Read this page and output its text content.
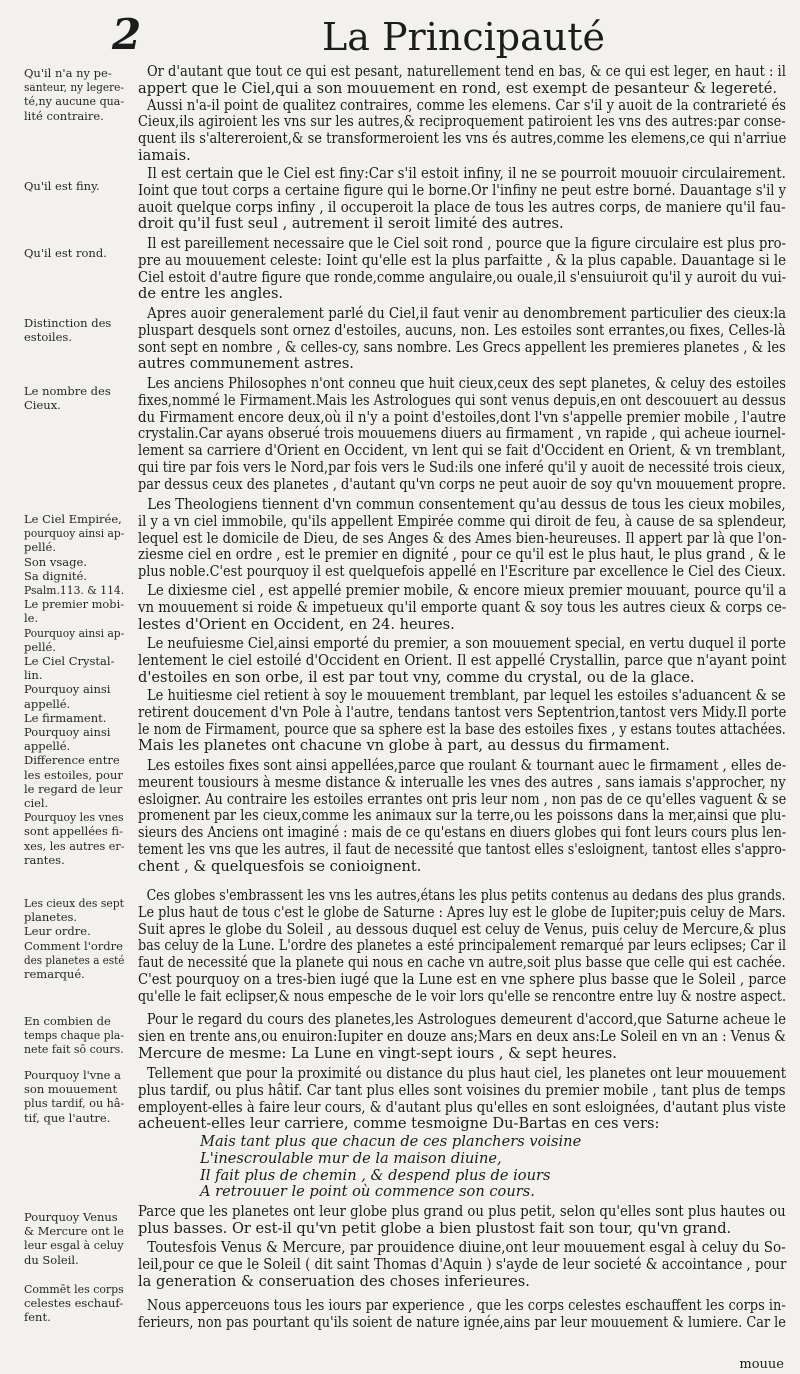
2	La Principauté
Qu'il n'a ny pe-
santeur, ny legere-
té,ny aucune qua-
lité contraire.
Qu'il est finy.
Qu'il est rond.
Distinction des
estoiles.
Le nombre des
Cieux.
Le Ciel Empirée,
pourquoy ainsi ap-
pellé.
Son vsage.
Sa dignité.
Psalm.113. & 114.
Le premier mobi-
le.
Pourquoy ainsi ap-
pellé.
Le Ciel Crystal-
lin.
Pourquoy ainsi
appellé.
Le firmament.
Pourquoy ainsi
appellé.
Difference entre
les estoiles, pour
le regard de leur
ciel.
Pourquoy les vnes
sont appellées fi-
xes, les autres er-
rantes.
Les cieux des sept
planetes.
Leur ordre.
Comment l'ordre
des planetes a esté
remarqué.
En combien de
temps chaque pla-
nete fait sō cours.
Pourquoy l'vne a
son mouuement
plus tardif, ou hâ-
tif, que l'autre.
Pourquoy Venus
& Mercure ont le
leur esgal à celuy
du Soleil.
Commēt les corps
celestes eschauf-
fent.
Or d'autant que tout ce qui est pesant, naturellement tend en bas, & ce qui est leger, en haut : il
appert que le Ciel,qui a son mouuement en rond, est exempt de pesanteur & legereté.
Aussi n'a-il point de qualitez contraires, comme les elemens. Car s'il y auoit de la contrarieté és
Cieux,ils agiroient les vns sur les autres,& reciproquement patiroient les vns des autres:par conse-
quent ils s'altereroient,& se transformeroient les vns és autres,comme les elemens,ce qui n'arriue
iamais.
Il est certain que le Ciel est finy:Car s'il estoit infiny, il ne se pourroit mouuoir circulairement.
Ioint que tout corps a certaine figure qui le borne.Or l'infiny ne peut estre borné. Dauantage s'il y
auoit quelque corps infiny , il occuperoit la place de tous les autres corps, de maniere qu'il fau-
droit qu'il fust seul , autrement il seroit limité des autres.
Il est pareillement necessaire que le Ciel soit rond , pource que la figure circulaire est plus pro-
pre au mouuement celeste: Ioint qu'elle est la plus parfaitte , & la plus capable. Dauantage si le
Ciel estoit d'autre figure que ronde,comme angulaire,ou ouale,il s'ensuiuroit qu'il y auroit du vui-
de entre les angles.
Apres auoir generalement parlé du Ciel,il faut venir au denombrement particulier des cieux:la
pluspart desquels sont ornez d'estoiles, aucuns, non. Les estoiles sont errantes,ou fixes, Celles-là
sont sept en nombre , & celles-cy, sans nombre. Les Grecs appellent les premieres planetes , & les
autres communement astres.
Les anciens Philosophes n'ont conneu que huit cieux,ceux des sept planetes, & celuy des estoiles
fixes,nommé le Firmament.Mais les Astrologues qui sont venus depuis,en ont descouuert au dessus
du Firmament encore deux,où il n'y a point d'estoiles,dont l'vn s'appelle premier mobile , l'autre
crystalin.Car ayans obserué trois mouuemens diuers au firmament , vn rapide , qui acheue iournel-
lement sa carriere d'Orient en Occident, vn lent qui se fait d'Occident en Orient, & vn tremblant,
qui tire par fois vers le Nord,par fois vers le Sud:ils one inferé qu'il y auoit de necessité trois cieux,
par dessus ceux des planetes , d'autant qu'vn corps ne peut auoir de soy qu'vn mouuement propre.
Les Theologiens tiennent d'vn commun consentement qu'au dessus de tous les cieux mobiles,
il y a vn ciel immobile, qu'ils appellent Empirée comme qui diroit de feu, à cause de sa splendeur,
lequel est le domicile de Dieu, de ses Anges & des Ames bien-heureuses. Il appert par là que l'on-
ziesme ciel en ordre , est le premier en dignité , pour ce qu'il est le plus haut, le plus grand , & le
plus noble.C'est pourquoy il est quelquefois appellé en l'Escriture par excellence le Ciel des Cieux.
Le dixiesme ciel , est appellé premier mobile, & encore mieux premier mouuant, pource qu'il a
vn mouuement si roide & impetueux qu'il emporte quant & soy tous les autres cieux & corps ce-
lestes d'Orient en Occident, en 24. heures.
Le neufuiesme Ciel,ainsi emporté du premier, a son mouuement special, en vertu duquel il porte
lentement le ciel estoilé d'Occident en Orient. Il est appellé Crystallin, parce que n'ayant point
d'estoiles en son orbe, il est par tout vny, comme du crystal, ou de la glace.
Le huitiesme ciel retient à soy le mouuement tremblant, par lequel les estoiles s'aduancent & se
retirent doucement d'vn Pole à l'autre, tendans tantost vers Septentrion,tantost vers Midy.Il porte
le nom de Firmament, pource que sa sphere est la base des estoiles fixes , y estans toutes attachées.
Mais les planetes ont chacune vn globe à part, au dessus du firmament.
Les estoiles fixes sont ainsi appellées,parce que roulant & tournant auec le firmament , elles de-
meurent tousiours à mesme distance & interualle les vnes des autres , sans iamais s'approcher, ny
esloigner. Au contraire les estoiles errantes ont pris leur nom , non pas de ce qu'elles vaguent & se
promenent par les cieux,comme les animaux sur la terre,ou les poissons dans la mer,ainsi que plu-
sieurs des Anciens ont imaginé : mais de ce qu'estans en diuers globes qui font leurs cours plus len-
tement les vns que les autres, il faut de necessité que tantost elles s'esloignent, tantost elles s'appro-
chent , & quelquesfois se conioignent.
Ces globes s'embrassent les vns les autres,étans les plus petits contenus au dedans des plus grands.
Le plus haut de tous c'est le globe de Saturne : Apres luy est le globe de Iupiter;puis celuy de Mars.
Suit apres le globe du Soleil , au dessous duquel est celuy de Venus, puis celuy de Mercure,& plus
bas celuy de la Lune. L'ordre des planetes a esté principalement remarqué par leurs eclipses; Car il
faut de necessité que la planete qui nous en cache vn autre,soit plus basse que celle qui est cachée.
C'est pourquoy on a tres-bien iugé que la Lune est en vne sphere plus basse que le Soleil , parce
qu'elle le fait eclipser,& nous empesche de le voir lors qu'elle se rencontre entre luy & nostre aspect.
Pour le regard du cours des planetes,les Astrologues demeurent d'accord,que Saturne acheue le
sien en trente ans,ou enuiron:Iupiter en douze ans;Mars en deux ans:Le Soleil en vn an : Venus &
Mercure de mesme: La Lune en vingt-sept iours , & sept heures.
Tellement que pour la proximité ou distance du plus haut ciel, les planetes ont leur mouuement
plus tardif, ou plus hâtif. Car tant plus elles sont voisines du premier mobile , tant plus de temps
employent-elles à faire leur cours, & d'autant plus qu'elles en sont esloignées, d'autant plus viste
acheuent-elles leur carriere, comme tesmoigne Du-Bartas en ces vers:
Mais tant plus que chacun de ces planchers voisine
L'inescroulable mur de la maison diuine,
Il fait plus de chemin , & despend plus de iours
A retrouuer le point où commence son cours.
Parce que les planetes ont leur globe plus grand ou plus petit, selon qu'elles sont plus hautes ou
plus basses. Or est-il qu'vn petit globe a bien plustost fait son tour, qu'vn grand.
Toutesfois Venus & Mercure, par prouidence diuine,ont leur mouuement esgal à celuy du So-
leil,pour ce que le Soleil ( dit saint Thomas d'Aquin ) s'ayde de leur societé & accointance , pour
la generation & conseruation des choses inferieures.
Nous apperceuons tous les iours par experience , que les corps celestes eschauffent les corps in-
ferieurs, non pas pourtant qu'ils soient de nature ignée,ains par leur mouuement & lumiere. Car le
mouue
